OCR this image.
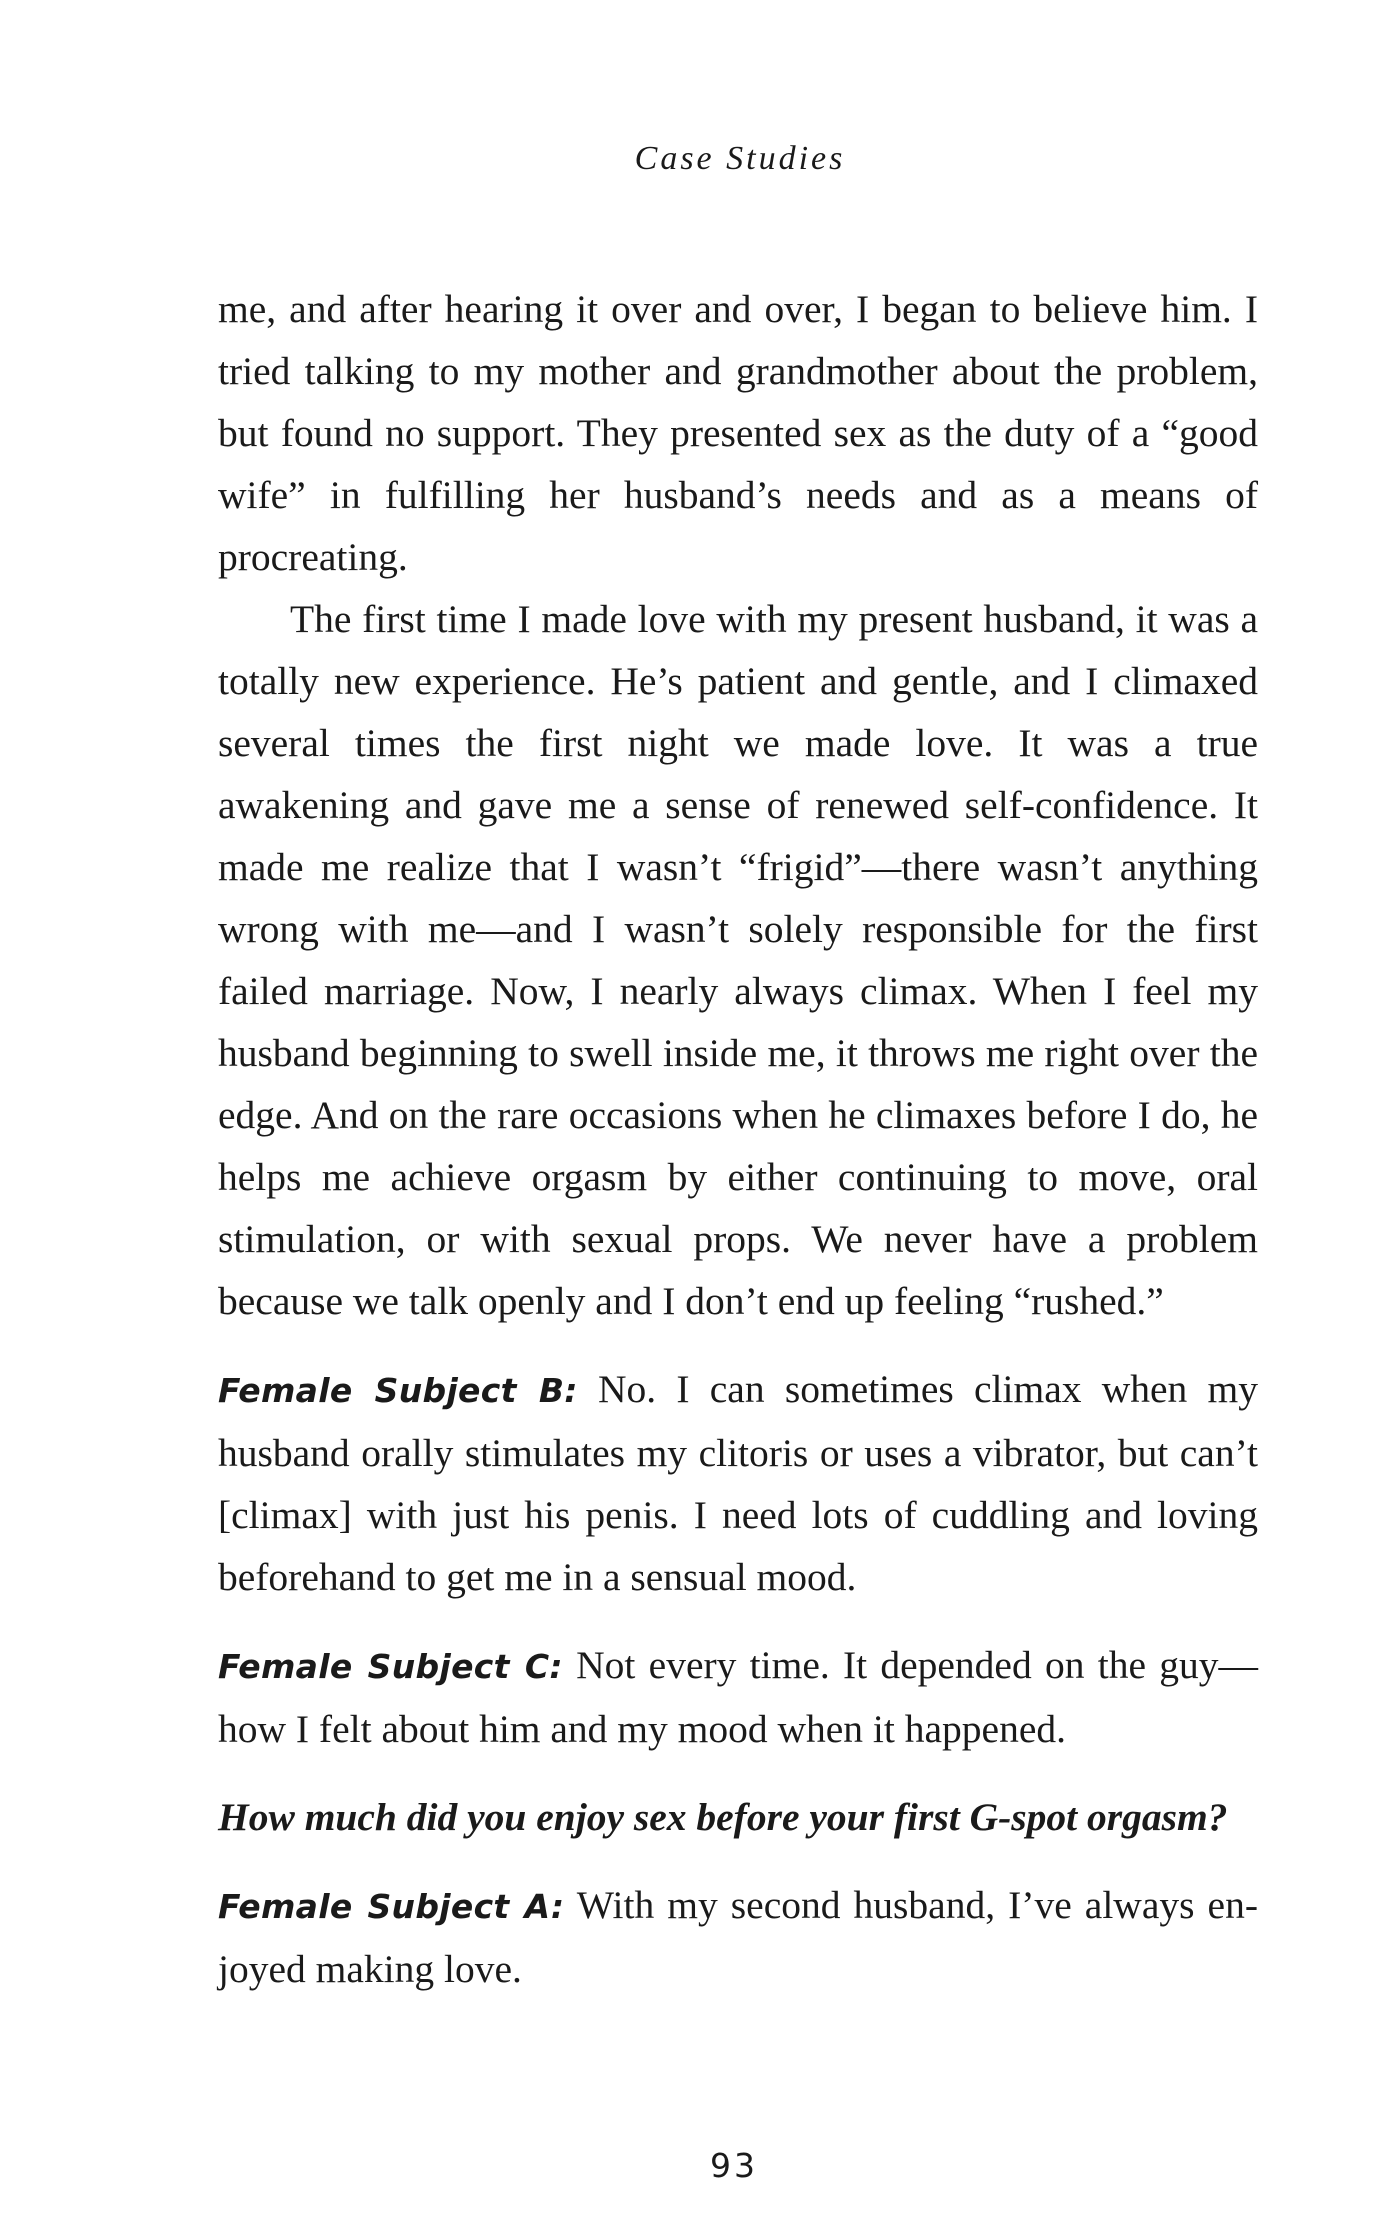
Case Studies

me, and after hearing it over and over, I began to believe him. I tried talking to my mother and grandmother about the problem, but found no support. They presented sex as the duty of a “good wife” in fulfilling her husband’s needs and as a means of procreating.

The first time I made love with my present husband, it was a totally new experience. He’s patient and gentle, and I climaxed several times the first night we made love. It was a true awakening and gave me a sense of renewed self-confidence. It made me realize that I wasn’t “frigid”—there wasn’t anything wrong with me—and I wasn’t solely responsible for the first failed marriage. Now, I nearly always climax. When I feel my husband beginning to swell inside me, it throws me right over the edge. And on the rare occasions when he climaxes before I do, he helps me achieve orgasm by either continuing to move, oral stimulation, or with sexual props. We never have a problem because we talk openly and I don’t end up feeling “rushed.”

Female Subject B: No. I can sometimes climax when my husband orally stimulates my clitoris or uses a vibrator, but can’t [climax] with just his penis. I need lots of cuddling and loving beforehand to get me in a sensual mood.

Female Subject C: Not every time. It depended on the guy—how I felt about him and my mood when it happened.

How much did you enjoy sex before your first G-spot orgasm?

Female Subject A: With my second husband, I’ve always enjoyed making love.

93
